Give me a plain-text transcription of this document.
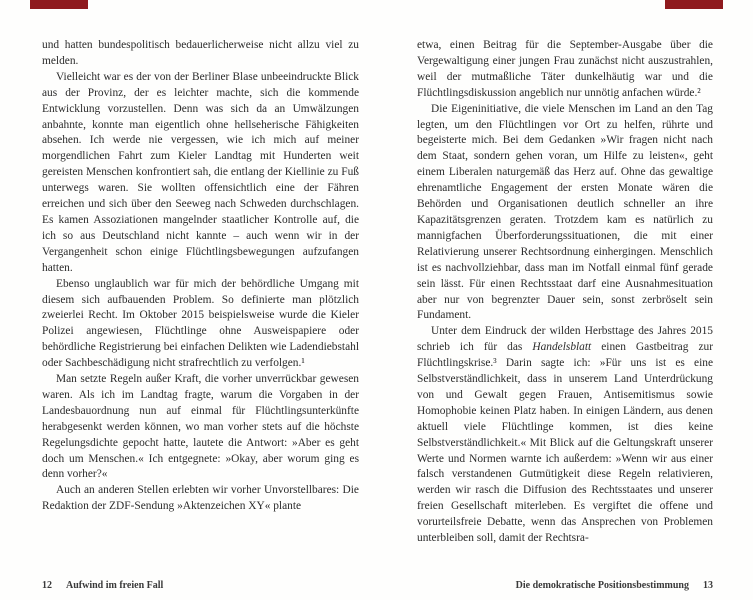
und hatten bundespolitisch bedauerlicherweise nicht allzu viel zu melden.

Vielleicht war es der von der Berliner Blase unbeeindruckte Blick aus der Provinz, der es leichter machte, sich die kommende Entwicklung vorzustellen. Denn was sich da an Umwälzungen anbahnte, konnte man eigentlich ohne hellseherische Fähigkeiten absehen. Ich werde nie vergessen, wie ich mich auf meiner morgendlichen Fahrt zum Kieler Landtag mit Hunderten weit gereisten Menschen konfrontiert sah, die entlang der Kiellinie zu Fuß unterwegs waren. Sie wollten offensichtlich eine der Fähren erreichen und sich über den Seeweg nach Schweden durchschlagen. Es kamen Assoziationen mangelnder staatlicher Kontrolle auf, die ich so aus Deutschland nicht kannte – auch wenn wir in der Vergangenheit schon einige Flüchtlingsbewegungen aufzufangen hatten.

Ebenso unglaublich war für mich der behördliche Umgang mit diesem sich aufbauenden Problem. So definierte man plötzlich zweierlei Recht. Im Oktober 2015 beispielsweise wurde die Kieler Polizei angewiesen, Flüchtlinge ohne Ausweispapiere oder behördliche Registrierung bei einfachen Delikten wie Ladendiebstahl oder Sachbeschädigung nicht strafrechtlich zu verfolgen.¹

Man setzte Regeln außer Kraft, die vorher unverrückbar gewesen waren. Als ich im Landtag fragte, warum die Vorgaben in der Landesbauordnung nun auf einmal für Flüchtlingsunterkünfte herabgesenkt werden können, wo man vorher stets auf die höchste Regelungsdichte gepocht hatte, lautete die Antwort: »Aber es geht doch um Menschen.« Ich entgegnete: »Okay, aber worum ging es denn vorher?«

Auch an anderen Stellen erlebten wir vorher Unvorstellbares: Die Redaktion der ZDF-Sendung »Aktenzeichen XY« plante

etwa, einen Beitrag für die September-Ausgabe über die Vergewaltigung einer jungen Frau zunächst nicht auszustrahlen, weil der mutmaßliche Täter dunkelhäutig war und die Flüchtlingsdiskussion angeblich nur unnötig anfachen würde.²

Die Eigeninitiative, die viele Menschen im Land an den Tag legten, um den Flüchtlingen vor Ort zu helfen, rührte und begeisterte mich. Bei dem Gedanken »Wir fragen nicht nach dem Staat, sondern gehen voran, um Hilfe zu leisten«, geht einem Liberalen naturgemäß das Herz auf. Ohne das gewaltige ehrenamtliche Engagement der ersten Monate wären die Behörden und Organisationen deutlich schneller an ihre Kapazitätsgrenzen geraten. Trotzdem kam es natürlich zu mannigfachen Überforderungssituationen, die mit einer Relativierung unserer Rechtsordnung einhergingen. Menschlich ist es nachvollziehbar, dass man im Notfall einmal fünf gerade sein lässt. Für einen Rechtsstaat darf eine Ausnahmesituation aber nur von begrenzter Dauer sein, sonst zerbröselt sein Fundament.

Unter dem Eindruck der wilden Herbsttage des Jahres 2015 schrieb ich für das Handelsblatt einen Gastbeitrag zur Flüchtlingskrise.³ Darin sagte ich: »Für uns ist es eine Selbstverständlichkeit, dass in unserem Land Unterdrückung von und Gewalt gegen Frauen, Antisemitismus sowie Homophobie keinen Platz haben. In einigen Ländern, aus denen aktuell viele Flüchtlinge kommen, ist dies keine Selbstverständlichkeit.« Mit Blick auf die Geltungskraft unserer Werte und Normen warnte ich außerdem: »Wenn wir aus einer falsch verstandenen Gutmütigkeit diese Regeln relativieren, werden wir rasch die Diffusion des Rechtsstaates und unserer freien Gesellschaft miterleben. Es vergiftet die offene und vorurteilsfreie Debatte, wenn das Ansprechen von Problemen unterbleiben soll, damit der Rechtsra-

12 Aufwind im freien Fall	Die demokratische Positionsbestimmung 13
